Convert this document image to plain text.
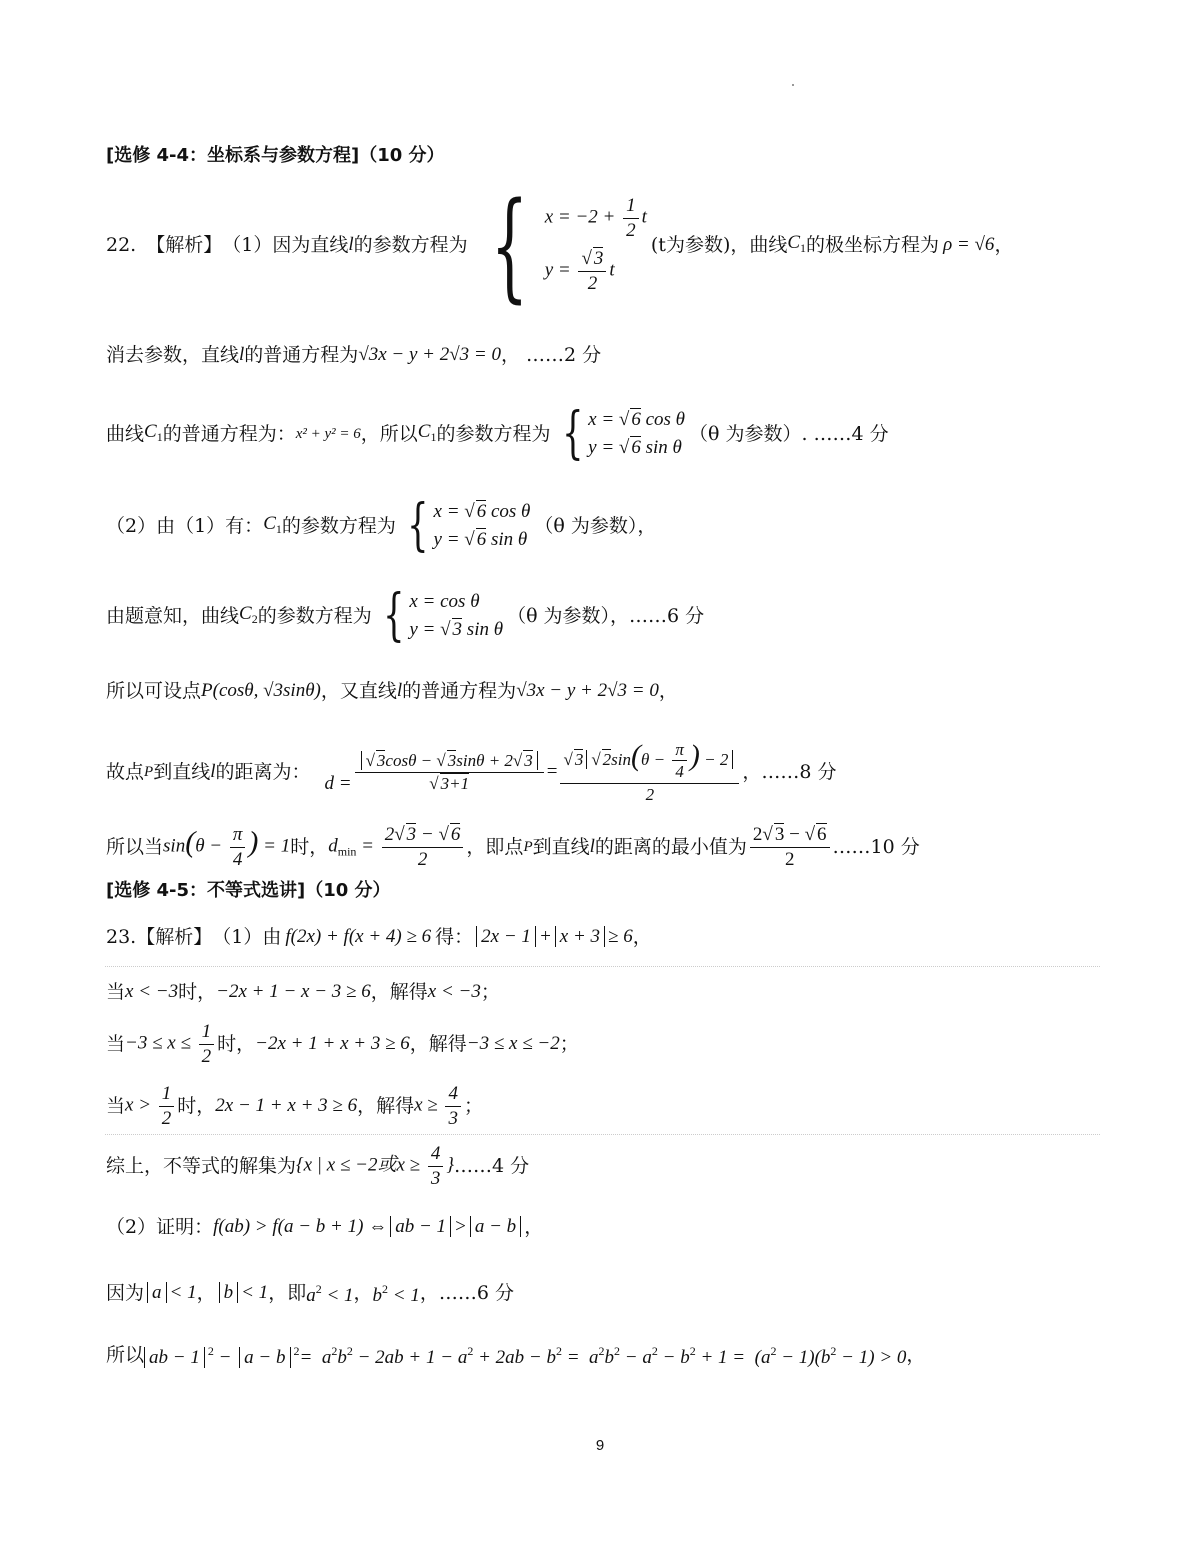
[选修 4-4：坐标系与参数方程]（10 分）
22. 【解析】 （1）因为直线 l 的参数方程为 { $x = -2 + \frac{1}{2}$ t
$y = \frac{√ 3}{2}$ t
(t为参数)，曲线 $C_1$ 的极坐标方程为 ρ = √6 ，
消去参数，直线 l 的普通方程为 √3x − y + 2√3 = 0 ， ……2 分
曲线 $C_1$ 的普通方程为： x² + y² = 6 ，所以 $C_1$ 的参数方程为 { x = √ 6 cos θ
y = √ 6 sin θ
（θ 为参数）. ……4 分
（2）由（1）有： $C_1$ 的参数方程为 { x = √ 6 cos θ
y = √ 6 sin θ
（θ 为参数），
由题意知，曲线 $C_2$ 的参数方程为 { x = cos θ
y = √ 3 sin θ
（θ 为参数），……6 分
所以可设点 P(cosθ, √3sinθ) ，又直线 l 的普通方程为 √3x − y + 2√3 = 0 ，
故点 P 到直线 l 的距离为：
$d = \frac{√ 3\cos\theta - √ 3\sin\theta + 2√ 3}{√ 3+1} = \frac{√ 3 √ 2\sin(\theta - \frac{\pi}{4} ) - 2}{2}$ ，……8 分
所以当 $\sin(\theta - \frac{\pi}{4}$ ) = 1 时， $d_{min} = \frac{2√ 3 - √ 6}{2}$ ，即点 P 到直线 l 的距离的最小值为 $\frac{2√ 3 - √ 6}{2}$ ……10 分
[选修 4-5：不等式选讲]（10 分）
23. 【解析】 （1）由 f(2x) + f(x + 4) ≥ 6 得： 2x − 1 + x + 3 ≥ 6 ，
当 x < −3 时， −2x + 1 − x − 3 ≥ 6 ，解得 x < −3 ；
当 $-3 \le x \le \frac{1}{2}$ 时， −2x + 1 + x + 3 ≥ 6 ，解得 −3 ≤ x ≤ −2 ；
当 $x > \frac{1}{2}$ 时， 2x − 1 + x + 3 ≥ 6 ，解得 $x \ge \frac{4}{3}$ ；
综上，不等式的解集为 {x | x ≤ −2或$x \ge \frac{4}{3}$ } ……4 分
（2）证明： f(ab) > f(a − b + 1) ⇔ ab − 1 > a − b ，
因为 a < 1 ， b < 1 ，即 $a^2 < 1$ ， $b^2 < 1$ ，……6 分
所以 ab − 1 $^2$ − a − b $^2= a^2b^2 - 2ab + 1 - a^2 + 2ab - b^2 = a^2b^2 - a^2 - b^2 + 1 = (a^2 - 1)(b^2 - 1) > 0$ ，
9
